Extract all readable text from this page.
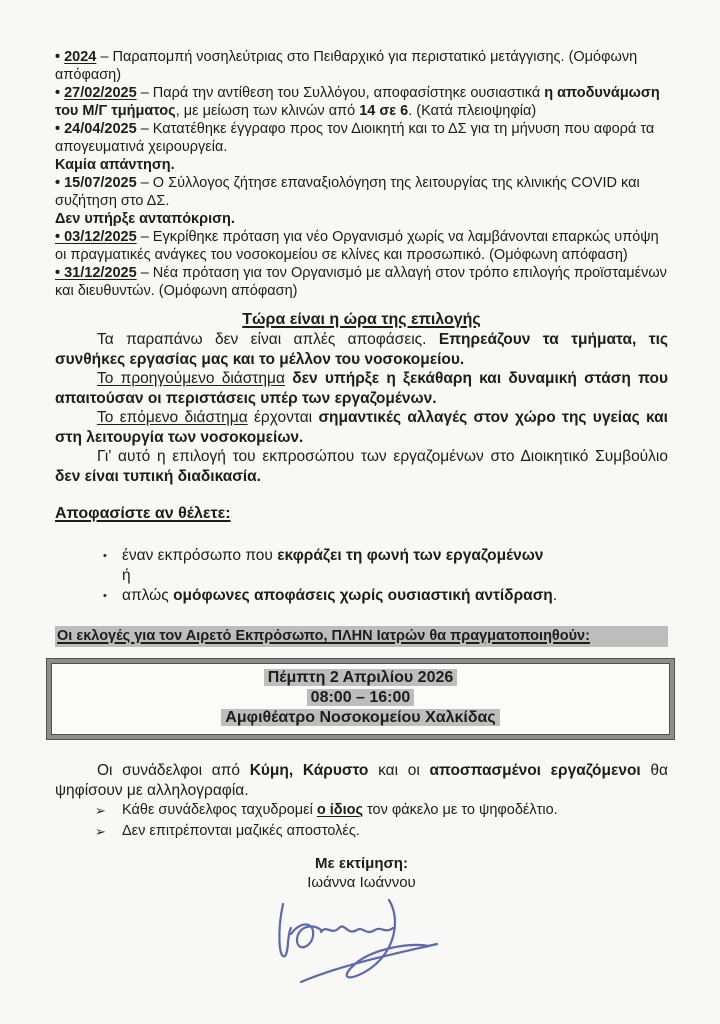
• 2024 – Παραπομπή νοσηλεύτριας στο Πειθαρχικό για περιστατικό μετάγγισης. (Ομόφωνη απόφαση)
• 27/02/2025 – Παρά την αντίθεση του Συλλόγου, αποφασίστηκε ουσιαστικά η αποδυνάμωση του Μ/Γ τμήματος, με μείωση των κλινών από 14 σε 6. (Κατά πλειοψηφία)
• 24/04/2025 – Κατατέθηκε έγγραφο προς τον Διοικητή και το ΔΣ για τη μήνυση που αφορά τα απογευματινά χειρουργεία.
Καμία απάντηση.
• 15/07/2025 – Ο Σύλλογος ζήτησε επαναξιολόγηση της λειτουργίας της κλινικής COVID και συζήτηση στο ΔΣ.
Δεν υπήρξε ανταπόκριση.
• 03/12/2025 – Εγκρίθηκε πρόταση για νέο Οργανισμό χωρίς να λαμβάνονται επαρκώς υπόψη οι πραγματικές ανάγκες του νοσοκομείου σε κλίνες και προσωπικό. (Ομόφωνη απόφαση)
• 31/12/2025 – Νέα πρόταση για τον Οργανισμό με αλλαγή στον τρόπο επιλογής προϊσταμένων και διευθυντών. (Ομόφωνη απόφαση)
Τώρα είναι η ώρα της επιλογής
Τα παραπάνω δεν είναι απλές αποφάσεις. Επηρεάζουν τα τμήματα, τις συνθήκες εργασίας μας και το μέλλον του νοσοκομείου.
Το προηγούμενο διάστημα δεν υπήρξε η ξεκάθαρη και δυναμική στάση που απαιτούσαν οι περιστάσεις υπέρ των εργαζομένων.
Το επόμενο διάστημα έρχονται σημαντικές αλλαγές στον χώρο της υγείας και στη λειτουργία των νοσοκομείων.
Γι' αυτό η επιλογή του εκπροσώπου των εργαζομένων στο Διοικητικό Συμβούλιο δεν είναι τυπική διαδικασία.
Αποφασίστε αν θέλετε:
• έναν εκπρόσωπο που εκφράζει τη φωνή των εργαζομένων
ή
• απλώς ομόφωνες αποφάσεις χωρίς ουσιαστική αντίδραση.
Οι εκλογές για τον Αιρετό Εκπρόσωπο, ΠΛΗΝ Ιατρών θα πραγματοποιηθούν:
Πέμπτη 2 Απριλίου 2026
08:00 – 16:00
Αμφιθέατρο Νοσοκομείου Χαλκίδας
Οι συνάδελφοι από Κύμη, Κάρυστο και οι αποσπασμένοι εργαζόμενοι θα ψηφίσουν με αλληλογραφία.
➢	Κάθε συνάδελφος ταχυδρομεί ο ίδιος τον φάκελο με το ψηφοδέλτιο.
➢	Δεν επιτρέπονται μαζικές αποστολές.
Με εκτίμηση:
Ιωάννα Ιωάννου
